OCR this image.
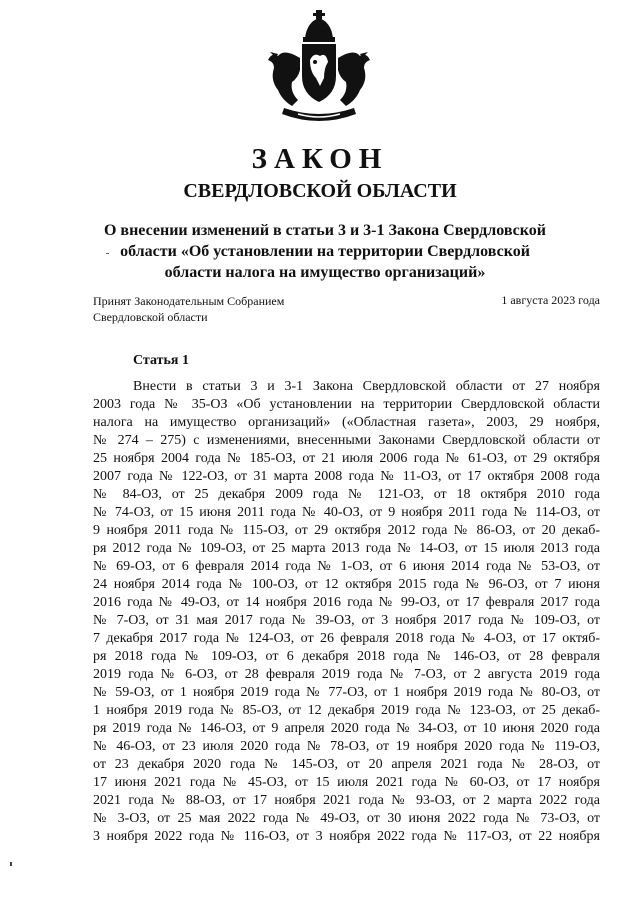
ЗАКОН
СВЕРДЛОВСКОЙ ОБЛАСТИ
О внесении изменений в статьи 3 и 3-1 Закона Свердловской
области «Об установлении на территории Свердловской
области налога на имущество организаций»
Принят Законодательным Собранием
Свердловской области
1 августа 2023 года
Статья 1
Внести в статьи 3 и 3-1 Закона Свердловской области от 27 ноября
2003 года № 35-ОЗ «Об установлении на территории Свердловской области
налога на имущество организаций» («Областная газета», 2003, 29 ноября,
№ 274 – 275) с изменениями, внесенными Законами Свердловской области от
25 ноября 2004 года № 185-ОЗ, от 21 июля 2006 года № 61-ОЗ, от 29 октября
2007 года № 122-ОЗ, от 31 марта 2008 года № 11-ОЗ, от 17 октября 2008 года
№ 84-ОЗ, от 25 декабря 2009 года № 121-ОЗ, от 18 октября 2010 года
№ 74-ОЗ, от 15 июня 2011 года № 40-ОЗ, от 9 ноября 2011 года № 114-ОЗ, от
9 ноября 2011 года № 115-ОЗ, от 29 октября 2012 года № 86-ОЗ, от 20 декаб-
ря 2012 года № 109-ОЗ, от 25 марта 2013 года № 14-ОЗ, от 15 июля 2013 года
№ 69-ОЗ, от 6 февраля 2014 года № 1-ОЗ, от 6 июня 2014 года № 53-ОЗ, от
24 ноября 2014 года № 100-ОЗ, от 12 октября 2015 года № 96-ОЗ, от 7 июня
2016 года № 49-ОЗ, от 14 ноября 2016 года № 99-ОЗ, от 17 февраля 2017 года
№ 7-ОЗ, от 31 мая 2017 года № 39-ОЗ, от 3 ноября 2017 года № 109-ОЗ, от
7 декабря 2017 года № 124-ОЗ, от 26 февраля 2018 года № 4-ОЗ, от 17 октяб-
ря 2018 года № 109-ОЗ, от 6 декабря 2018 года № 146-ОЗ, от 28 февраля
2019 года № 6-ОЗ, от 28 февраля 2019 года № 7-ОЗ, от 2 августа 2019 года
№ 59-ОЗ, от 1 ноября 2019 года № 77-ОЗ, от 1 ноября 2019 года № 80-ОЗ, от
1 ноября 2019 года № 85-ОЗ, от 12 декабря 2019 года № 123-ОЗ, от 25 декаб-
ря 2019 года № 146-ОЗ, от 9 апреля 2020 года № 34-ОЗ, от 10 июня 2020 года
№ 46-ОЗ, от 23 июля 2020 года № 78-ОЗ, от 19 ноября 2020 года № 119-ОЗ,
от 23 декабря 2020 года № 145-ОЗ, от 20 апреля 2021 года № 28-ОЗ, от
17 июня 2021 года № 45-ОЗ, от 15 июля 2021 года № 60-ОЗ, от 17 ноября
2021 года № 88-ОЗ, от 17 ноября 2021 года № 93-ОЗ, от 2 марта 2022 года
№ 3-ОЗ, от 25 мая 2022 года № 49-ОЗ, от 30 июня 2022 года № 73-ОЗ, от
3 ноября 2022 года № 116-ОЗ, от 3 ноября 2022 года № 117-ОЗ, от 22 ноября
